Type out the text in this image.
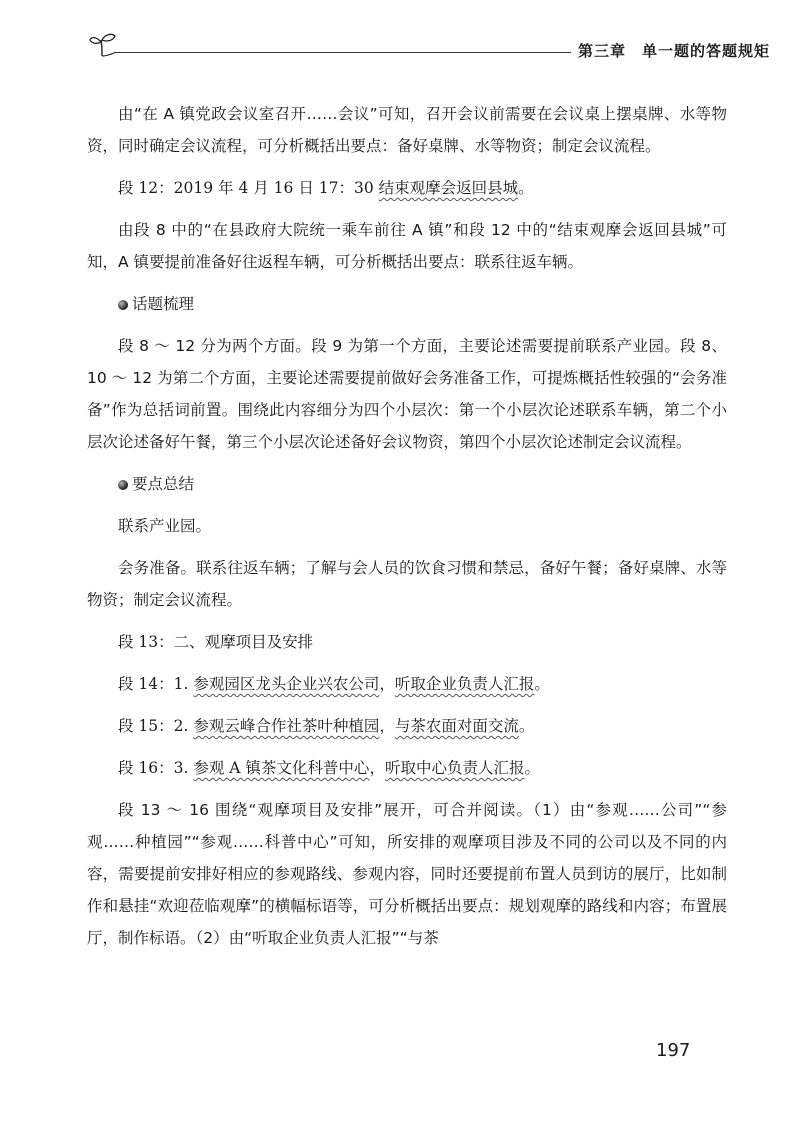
第三章 单一题的答题规矩

由“在 A 镇党政会议室召开……会议”可知，召开会议前需要在会议桌上摆桌牌、水等物资，同时确定会议流程，可分析概括出要点：备好桌牌、水等物资；制定会议流程。

段 12：2019 年 4 月 16 日 17：30 结束观摩会返回县城。

由段 8 中的“在县政府大院统一乘车前往 A 镇”和段 12 中的“结束观摩会返回县城”可知，A 镇要提前准备好往返程车辆，可分析概括出要点：联系往返车辆。

话题梳理

段 8 ～ 12 分为两个方面。段 9 为第一个方面，主要论述需要提前联系产业园。段 8、10 ～ 12 为第二个方面，主要论述需要提前做好会务准备工作，可提炼概括性较强的“会务准备”作为总括词前置。围绕此内容细分为四个小层次：第一个小层次论述联系车辆，第二个小层次论述备好午餐，第三个小层次论述备好会议物资，第四个小层次论述制定会议流程。

要点总结

联系产业园。

会务准备。联系往返车辆；了解与会人员的饮食习惯和禁忌，备好午餐；备好桌牌、水等物资；制定会议流程。

段 13：二、观摩项目及安排

段 14：1. 参观园区龙头企业兴农公司，听取企业负责人汇报。

段 15：2. 参观云峰合作社茶叶种植园，与茶农面对面交流。

段 16：3. 参观 A 镇茶文化科普中心，听取中心负责人汇报。

段 13 ～ 16 围绕“观摩项目及安排”展开，可合并阅读。（1）由“参观……公司”“参观……种植园”“参观……科普中心”可知，所安排的观摩项目涉及不同的公司以及不同的内容，需要提前安排好相应的参观路线、参观内容，同时还要提前布置人员到访的展厅，比如制作和悬挂“欢迎莅临观摩”的横幅标语等，可分析概括出要点：规划观摩的路线和内容；布置展厅，制作标语。（2）由“听取企业负责人汇报”“与茶

197
